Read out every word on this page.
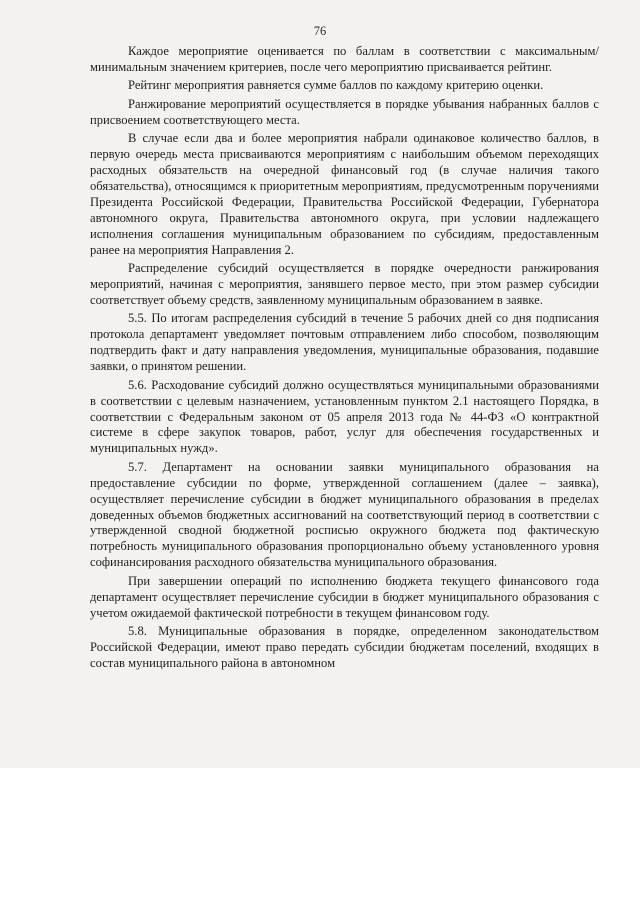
76

Каждое мероприятие оценивается по баллам в соответствии с максимальным/минимальным значением критериев, после чего мероприятию присваивается рейтинг.

Рейтинг мероприятия равняется сумме баллов по каждому критерию оценки.

Ранжирование мероприятий осуществляется в порядке убывания набранных баллов с присвоением соответствующего места.

В случае если два и более мероприятия набрали одинаковое количество баллов, в первую очередь места присваиваются мероприятиям с наибольшим объемом переходящих расходных обязательств на очередной финансовый год (в случае наличия такого обязательства), относящимся к приоритетным мероприятиям, предусмотренным поручениями Президента Российской Федерации, Правительства Российской Федерации, Губернатора автономного округа, Правительства автономного округа, при условии надлежащего исполнения соглашения муниципальным образованием по субсидиям, предоставленным ранее на мероприятия Направления 2.

Распределение субсидий осуществляется в порядке очередности ранжирования мероприятий, начиная с мероприятия, занявшего первое место, при этом размер субсидии соответствует объему средств, заявленному муниципальным образованием в заявке.

5.5. По итогам распределения субсидий в течение 5 рабочих дней со дня подписания протокола департамент уведомляет почтовым отправлением либо способом, позволяющим подтвердить факт и дату направления уведомления, муниципальные образования, подавшие заявки, о принятом решении.

5.6. Расходование субсидий должно осуществляться муниципальными образованиями в соответствии с целевым назначением, установленным пунктом 2.1 настоящего Порядка, в соответствии с Федеральным законом от 05 апреля 2013 года № 44-ФЗ «О контрактной системе в сфере закупок товаров, работ, услуг для обеспечения государственных и муниципальных нужд».

5.7. Департамент на основании заявки муниципального образования на предоставление субсидии по форме, утвержденной соглашением (далее – заявка), осуществляет перечисление субсидии в бюджет муниципального образования в пределах доведенных объемов бюджетных ассигнований на соответствующий период в соответствии с утвержденной сводной бюджетной росписью окружного бюджета под фактическую потребность муниципального образования пропорционально объему установленного уровня софинансирования расходного обязательства муниципального образования.

При завершении операций по исполнению бюджета текущего финансового года департамент осуществляет перечисление субсидии в бюджет муниципального образования с учетом ожидаемой фактической потребности в текущем финансовом году.

5.8. Муниципальные образования в порядке, определенном законодательством Российской Федерации, имеют право передать субсидии бюджетам поселений, входящих в состав муниципального района в автономном
